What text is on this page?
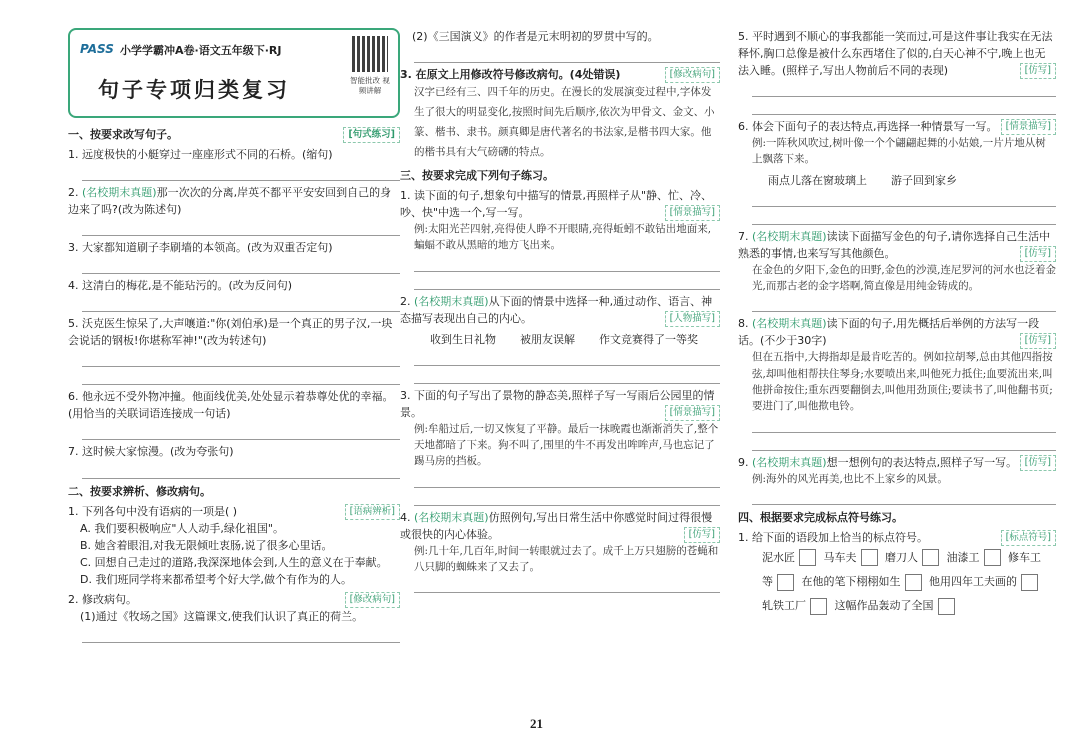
PASS 小学学霸冲A卷·语文五年级下·RJ
句子专项归类复习	智能批改 视频讲解
一、按要求改写句子。	[句式练习]
1. 远度极快的小艇穿过一座座形式不同的石桥。(缩句)
2. (名校期末真题)那一次次的分离,岸英不都平平安安回到自己的身边来了吗?(改为陈述句)
3. 大家都知道刷子李刷墙的本领高。(改为双重否定句)
4. 这清白的梅花,是不能玷污的。(改为反问句)
5. 沃克医生惊呆了,大声嚷道:"你(刘伯承)是一个真正的男子汉,一块会说话的钢板!你堪称军神!"(改为转述句)
6. 他永远不受外物冲撞。他面线优美,处处显示着恭尊处优的幸福。(用恰当的关联词语连接成一句话)
7. 这时候大家惊漫。(改为夸张句)
二、按要求辨析、修改病句。
[语病辨析]
1. 下列各句中没有语病的一项是( )
A. 我们要积极响应"人人动手,绿化祖国"。
B. 她含着眼泪,对我无限倾吐衷肠,说了很多心里话。
C. 回想自己走过的道路,我深深地体会到,人生的意义在于奉献。
D. 我们班同学将来都希望考个好大学,做个有作为的人。
[修改病句]
2. 修改病句。
(1)通过《牧场之国》这篇课文,使我们认识了真正的荷兰。
(2)《三国演义》的作者是元末明初的罗贯中写的。
[修改病句]
3. 在原文上用修改符号修改病句。(4处错误)
汉字已经有三、四千年的历史。在漫长的发展演变过程中,字体发生了很大的明显变化,按照时间先后顺序,依次为甲骨文、金文、小篆、楷书、隶书。颜真卿是唐代著名的书法家,是楷书四大家。他的楷书具有大气磅礴的特点。
三、按要求完成下列句子练习。
1. 读下面的句子,想象句中描写的情景,再照样子从"静、忙、冷、吵、快"中选一个,写一写。	[情景描写]
例:太阳光芒四射,亮得使人睁不开眼睛,亮得蚯蚓不敢钻出地面来,蝙蝠不敢从黑暗的地方飞出来。
2. (名校期末真题)从下面的情景中选择一种,通过动作、语言、神态描写表现出自己的内心。	[人物描写]
收到生日礼物 被朋友误解 作文竞赛得了一等奖
3. 下面的句子写出了景物的静态美,照样子写一写雨后公园里的情景。	[情景描写]
例:牟船过后,一切又恢复了平静。最后一抹晚霞也渐渐消失了,整个天地都暗了下来。狗不叫了,围里的牛不再发出哞哞声,马也忘记了踢马房的挡板。
4. (名校期末真题)仿照例句,写出日常生活中你感觉时间过得很慢或很快的内心体验。	[仿写]
例:几十年,几百年,时间一转眼就过去了。成千上万只翅膀的苍蝇和八只脚的蜘蛛来了又去了。
5. 平时遇到不顺心的事我都能一笑而过,可是这件事让我实在无法释怀,胸口总像是被什么东西堵住了似的,白天心神不宁,晚上也无法入睡。(照样子,写出人物前后不同的表现)	[仿写]
[情景描写]
6. 体会下面句子的表达特点,再选择一种情景写一写。
例:一阵秋风吹过,树叶像一个个翩翩起舞的小姑娘,一片片地从树上飘落下来。
雨点儿落在窗玻璃上 游子回到家乡
7. (名校期末真题)读读下面描写金色的句子,请你选择自己生活中熟悉的事情,也来写写其他颜色。	[仿写]
在金色的夕阳下,金色的田野,金色的沙漠,连尼罗河的河水也泛着金光,而那古老的金字塔啊,简直像是用纯金铸成的。
8. (名校期末真题)读下面的句子,用先概括后举例的方法写一段话。(不少于30字)	[仿写]
但在五指中,大拇指却是最肯吃苦的。例如拉胡琴,总由其他四指按弦,却叫他相帮扶住琴身;水要喷出来,叫他死力抵住;血要流出来,叫他拼命按住;重东西要翻倒去,叫他用劲顶住;要读书了,叫他翻书页;要进门了,叫他揿电铃。
9. (名校期末真题)想一想例句的表达特点,照样子写一写。 [仿写]
例:海外的风光再美,也比不上家乡的风景。
四、根据要求完成标点符号练习。
[标点符号]
1. 给下面的语段加上恰当的标点符号。
泥水匠	马车夫	磨刀人	油漆工	修车工
等	在他的笔下栩栩如生	他用四年工夫画的 轧铁工厂	这幅作品轰动了全国
21
